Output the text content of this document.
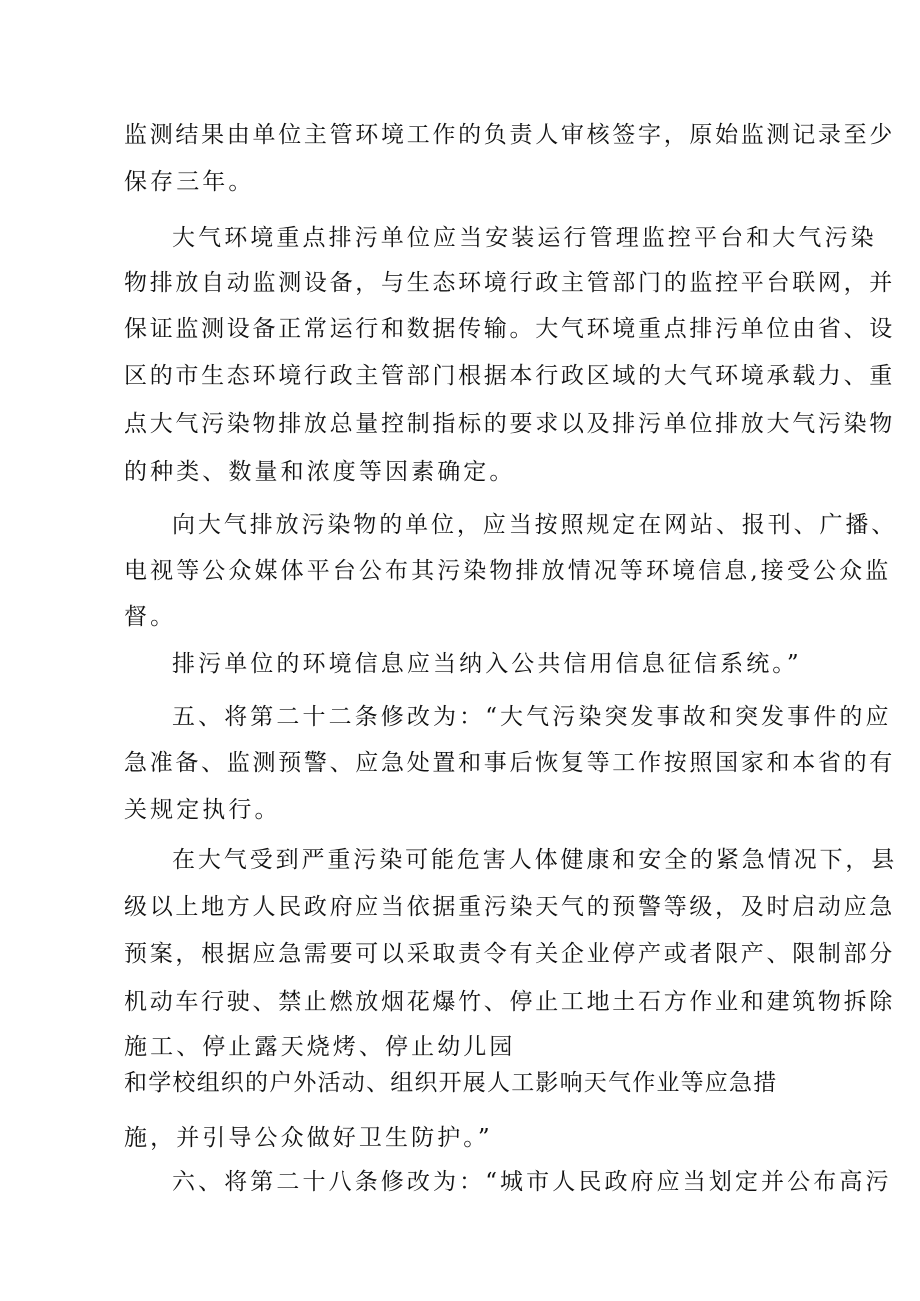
监测结果由单位主管环境工作的负责人审核签字，原始监测记录至少
保存三年。
大气环境重点排污单位应当安装运行管理监控平台和大气污染
物排放自动监测设备，与生态环境行政主管部门的监控平台联网，并
保证监测设备正常运行和数据传输。大气环境重点排污单位由省、设
区的市生态环境行政主管部门根据本行政区域的大气环境承载力、重
点大气污染物排放总量控制指标的要求以及排污单位排放大气污染物
的种类、数量和浓度等因素确定。
向大气排放污染物的单位，应当按照规定在网站、报刊、广播、
电视等公众媒体平台公布其污染物排放情况等环境信息,接受公众监
督。
排污单位的环境信息应当纳入公共信用信息征信系统。”
五、将第二十二条修改为：“大气污染突发事故和突发事件的应
急准备、监测预警、应急处置和事后恢复等工作按照国家和本省的有
关规定执行。
在大气受到严重污染可能危害人体健康和安全的紧急情况下，县
级以上地方人民政府应当依据重污染天气的预警等级，及时启动应急
预案，根据应急需要可以采取责令有关企业停产或者限产、限制部分
机动车行驶、禁止燃放烟花爆竹、停止工地土石方作业和建筑物拆除
施工、停止露天烧烤、停止幼儿园
和学校组织的户外活动、组织开展人工影响天气作业等应急措
施，并引导公众做好卫生防护。”
六、将第二十八条修改为：“城市人民政府应当划定并公布高污
